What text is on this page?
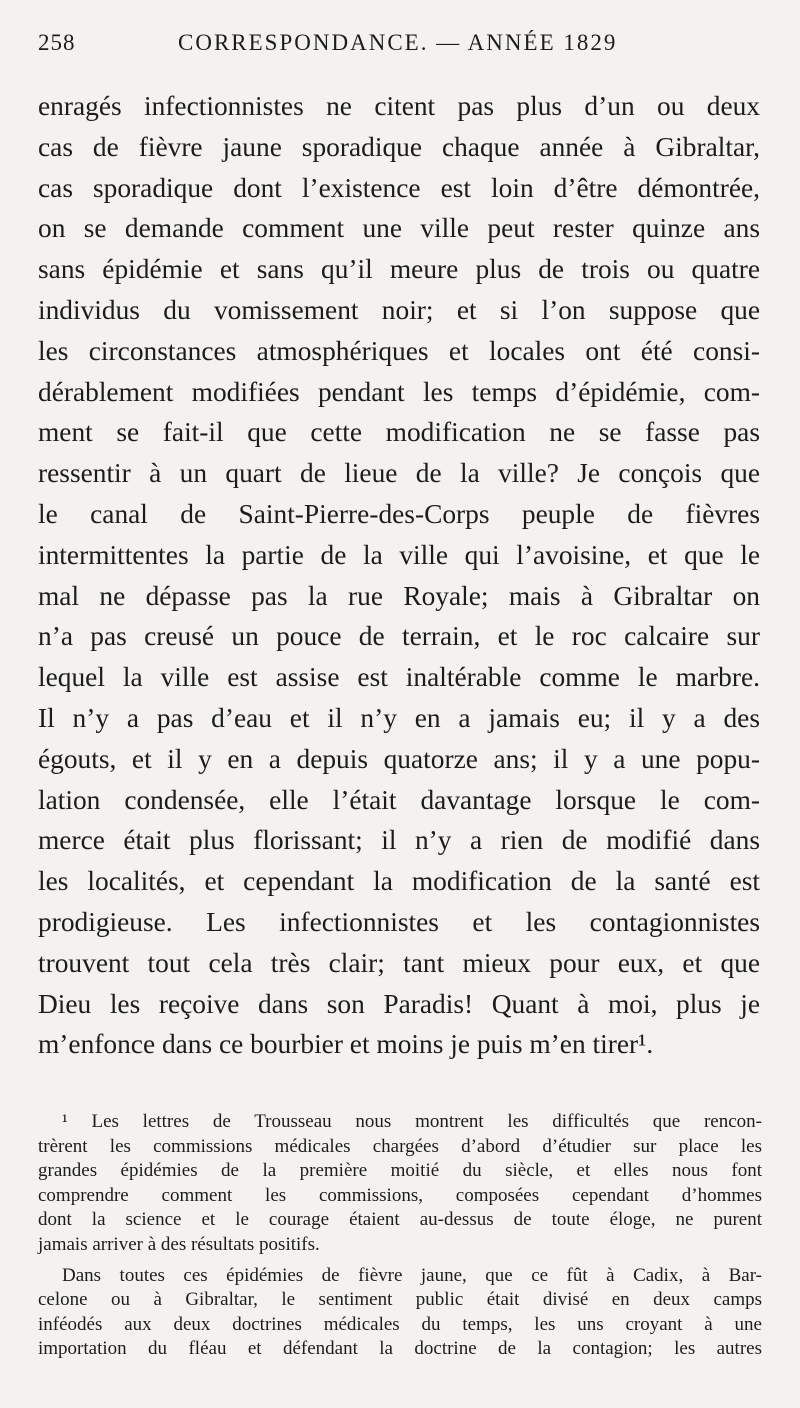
258	CORRESPONDANCE. — ANNÉE 1829
enragés infectionnistes ne citent pas plus d’un ou deux
cas de fièvre jaune sporadique chaque année à Gibraltar,
cas sporadique dont l’existence est loin d’être démontrée,
on se demande comment une ville peut rester quinze ans
sans épidémie et sans qu’il meure plus de trois ou quatre
individus du vomissement noir; et si l’on suppose que
les circonstances atmosphériques et locales ont été consi-
dérablement modifiées pendant les temps d’épidémie, com-
ment se fait-il que cette modification ne se fasse pas
ressentir à un quart de lieue de la ville? Je conçois que
le canal de Saint-Pierre-des-Corps peuple de fièvres
intermittentes la partie de la ville qui l’avoisine, et que le
mal ne dépasse pas la rue Royale; mais à Gibraltar on
n’a pas creusé un pouce de terrain, et le roc calcaire sur
lequel la ville est assise est inaltérable comme le marbre.
Il n’y a pas d’eau et il n’y en a jamais eu; il y a des
égouts, et il y en a depuis quatorze ans; il y a une popu-
lation condensée, elle l’était davantage lorsque le com-
merce était plus florissant; il n’y a rien de modifié dans
les localités, et cependant la modification de la santé est
prodigieuse. Les infectionnistes et les contagionnistes
trouvent tout cela très clair; tant mieux pour eux, et que
Dieu les reçoive dans son Paradis! Quant à moi, plus je
m’enfonce dans ce bourbier et moins je puis m’en tirer¹.
¹ Les lettres de Trousseau nous montrent les difficultés que rencon-
trèrent les commissions médicales chargées d’abord d’étudier sur place les
grandes épidémies de la première moitié du siècle, et elles nous font
comprendre comment les commissions, composées cependant d’hommes
dont la science et le courage étaient au-dessus de toute éloge, ne purent
jamais arriver à des résultats positifs.
Dans toutes ces épidémies de fièvre jaune, que ce fût à Cadix, à Bar-
celone ou à Gibraltar, le sentiment public était divisé en deux camps
inféodés aux deux doctrines médicales du temps, les uns croyant à une
importation du fléau et défendant la doctrine de la contagion; les autres
